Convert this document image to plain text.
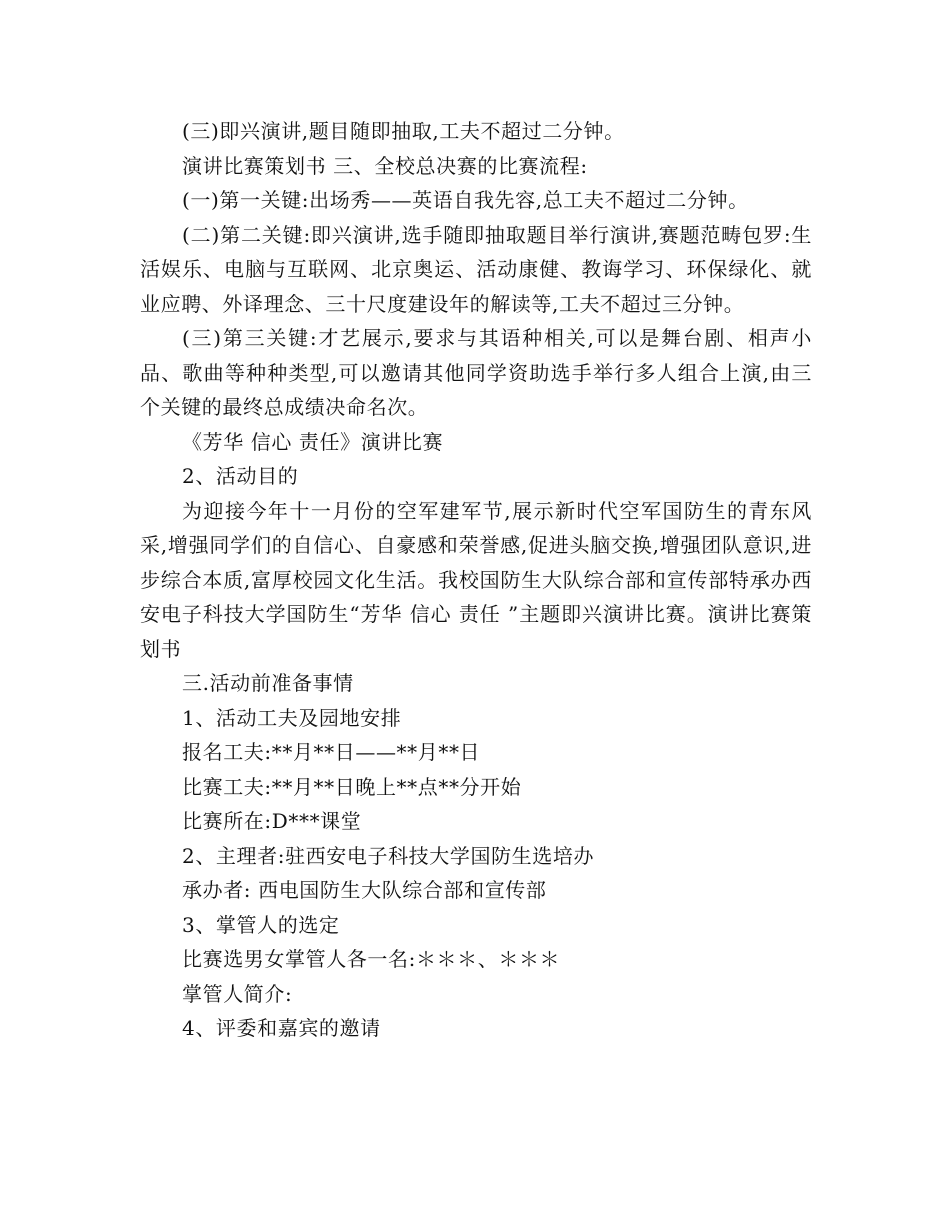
(三)即兴演讲,题目随即抽取,工夫不超过二分钟。

演讲比赛策划书 三、全校总决赛的比赛流程:

(一)第一关键:出场秀——英语自我先容,总工夫不超过二分钟。

(二)第二关键:即兴演讲,选手随即抽取题目举行演讲,赛题范畴包罗:生活娱乐、电脑与互联网、北京奥运、活动康健、教诲学习、环保绿化、就业应聘、外译理念、三十尺度建设年的解读等,工夫不超过三分钟。

(三)第三关键:才艺展示,要求与其语种相关,可以是舞台剧、相声小品、歌曲等种种类型,可以邀请其他同学资助选手举行多人组合上演,由三个关键的最终总成绩决命名次。

《芳华 信心 责任》演讲比赛

2、活动目的

为迎接今年十一月份的空军建军节,展示新时代空军国防生的青东风采,增强同学们的自信心、自豪感和荣誉感,促进头脑交换,增强团队意识,进步综合本质,富厚校园文化生活。我校国防生大队综合部和宣传部特承办西安电子科技大学国防生“芳华 信心 责任 ”主题即兴演讲比赛。演讲比赛策划书

三.活动前准备事情

1、活动工夫及园地安排

报名工夫:**月**日——**月**日

比赛工夫:**月**日晚上**点**分开始

比赛所在:D***课堂

2、主理者:驻西安电子科技大学国防生选培办

承办者: 西电国防生大队综合部和宣传部

3、掌管人的选定

比赛选男女掌管人各一名:＊＊＊、＊＊＊

掌管人简介:

4、评委和嘉宾的邀请
